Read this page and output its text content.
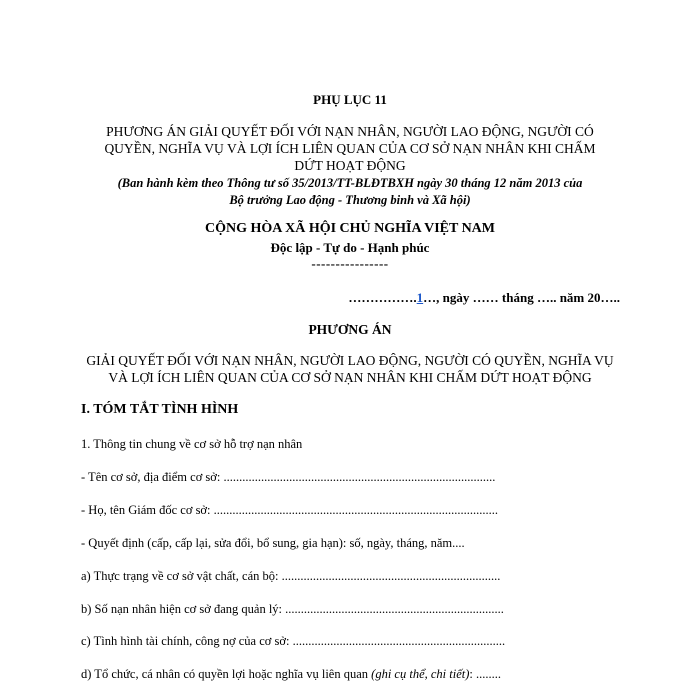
PHỤ LỤC 11
PHƯƠNG ÁN GIẢI QUYẾT ĐỐI VỚI NẠN NHÂN, NGƯỜI LAO ĐỘNG, NGƯỜI CÓ QUYỀN, NGHĨA VỤ VÀ LỢI ÍCH LIÊN QUAN CỦA CƠ SỞ NẠN NHÂN KHI CHẤM DỨT HOẠT ĐỘNG
(Ban hành kèm theo Thông tư số 35/2013/TT-BLĐTBXH ngày 30 tháng 12 năm 2013 của Bộ trưởng Lao động - Thương binh và Xã hội)
CỘNG HÒA XÃ HỘI CHỦ NGHĨA VIỆT NAM
Độc lập - Tự do - Hạnh phúc
----------------
…………….1…, ngày …… tháng ….. năm 20…..
PHƯƠNG ÁN
GIẢI QUYẾT ĐỐI VỚI NẠN NHÂN, NGƯỜI LAO ĐỘNG, NGƯỜI CÓ QUYỀN, NGHĨA VỤ VÀ LỢI ÍCH LIÊN QUAN CỦA CƠ SỞ NẠN NHÂN KHI CHẤM DỨT HOẠT ĐỘNG
I. TÓM TẮT TÌNH HÌNH
1. Thông tin chung về cơ sở hỗ trợ nạn nhân
- Tên cơ sở, địa điểm cơ sở: .......................................................................................
- Họ, tên Giám đốc cơ sở: ...........................................................................................
- Quyết định (cấp, cấp lại, sửa đổi, bổ sung, gia hạn): số, ngày, tháng, năm....
a) Thực trạng về cơ sở vật chất, cán bộ: ......................................................................
b) Số nạn nhân hiện cơ sở đang quản lý: ......................................................................
c) Tình hình tài chính, công nợ của cơ sở: ....................................................................
d) Tổ chức, cá nhân có quyền lợi hoặc nghĩa vụ liên quan (ghi cụ thể, chi tiết): ........
